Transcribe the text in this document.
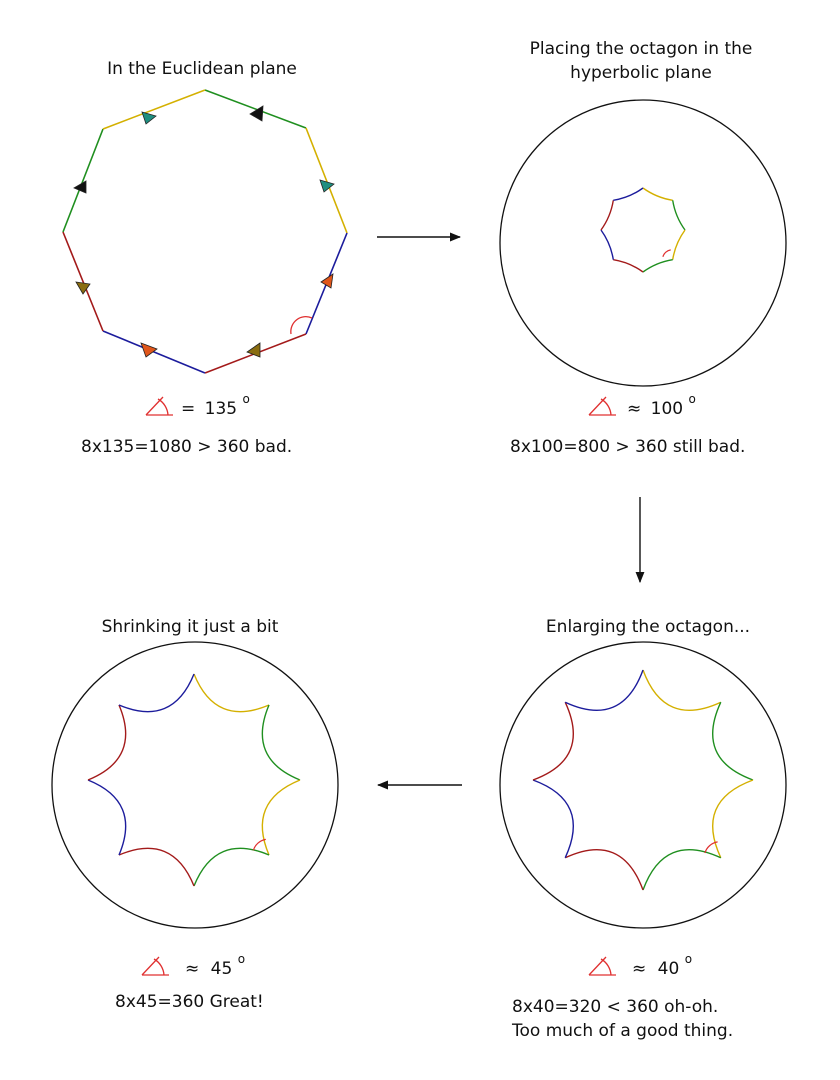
In the Euclidean plane
= 135 $^o$
8x135=1080 > 360 bad.
Placing the octagon in the
hyperbolic plane
≈ 100 $^o$
8x100=800 > 360 still bad.
Enlarging the octagon...
≈ 40 $^o$
8x40=320 < 360 oh-oh.
Too much of a good thing.
Shrinking it just a bit
≈ 45 $^o$
8x45=360 Great!
